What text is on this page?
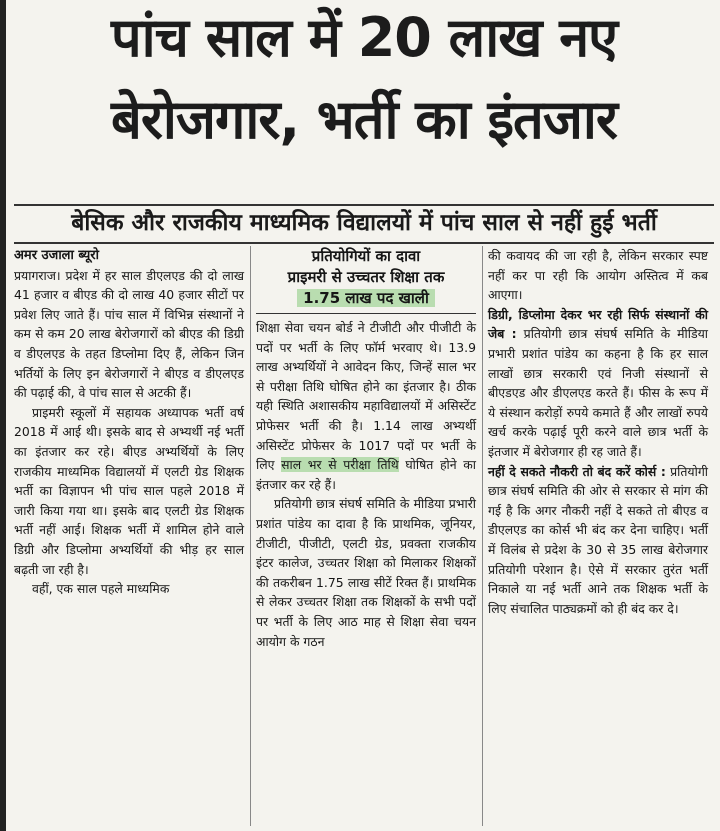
पांच साल में 20 लाख नए
बेरोजगार, भर्ती का इंतजार
बेसिक और राजकीय माध्यमिक विद्यालयों में पांच साल से नहीं हुई भर्ती

अमर उजाला ब्यूरो

प्रयागराज। प्रदेश में हर साल डीएलएड की दो लाख 41 हजार व बीएड की दो लाख 40 हजार सीटों पर प्रवेश लिए जाते हैं। पांच साल में विभिन्न संस्थानों ने कम से कम 20 लाख बेरोजगारों को बीएड की डिग्री व डीएलएड के तहत डिप्लोमा दिए हैं, लेकिन जिन भर्तियों के लिए इन बेरोजगारों ने बीएड व डीएलएड की पढ़ाई की, वे पांच साल से अटकी हैं।

प्राइमरी स्कूलों में सहायक अध्यापक भर्ती वर्ष 2018 में आई थी। इसके बाद से अभ्यर्थी नई भर्ती का इंतजार कर रहे। बीएड अभ्यर्थियों के लिए राजकीय माध्यमिक विद्यालयों में एलटी ग्रेड शिक्षक भर्ती का विज्ञापन भी पांच साल पहले 2018 में जारी किया गया था। इसके बाद एलटी ग्रेड शिक्षक भर्ती नहीं आई। शिक्षक भर्ती में शामिल होने वाले डिग्री और डिप्लोमा अभ्यर्थियों की भीड़ हर साल बढ़ती जा रही है।

वहीं, एक साल पहले माध्यमिक

प्रतियोगियों का दावा
प्राइमरी से उच्चतर शिक्षा तक
1.75 लाख पद खाली

शिक्षा सेवा चयन बोर्ड ने टीजीटी और पीजीटी के पदों पर भर्ती के लिए फॉर्म भरवाए थे। 13.9 लाख अभ्यर्थियों ने आवेदन किए, जिन्हें साल भर से परीक्षा तिथि घोषित होने का इंतजार है। ठीक यही स्थिति अशासकीय महाविद्यालयों में असिस्टेंट प्रोफेसर भर्ती की है। 1.14 लाख अभ्यर्थी असिस्टेंट प्रोफेसर के 1017 पदों पर भर्ती के लिए साल भर से परीक्षा तिथि घोषित होने का इंतजार कर रहे हैं।

प्रतियोगी छात्र संघर्ष समिति के मीडिया प्रभारी प्रशांत पांडेय का दावा है कि प्राथमिक, जूनियर, टीजीटी, पीजीटी, एलटी ग्रेड, प्रवक्ता राजकीय इंटर कालेज, उच्चतर शिक्षा को मिलाकर शिक्षकों की तकरीबन 1.75 लाख सीटें रिक्त हैं। प्राथमिक से लेकर उच्चतर शिक्षा तक शिक्षकों के सभी पदों पर भर्ती के लिए आठ माह से शिक्षा सेवा चयन आयोग के गठन

की कवायद की जा रही है, लेकिन सरकार स्पष्ट नहीं कर पा रही कि आयोग अस्तित्व में कब आएगा।

डिग्री, डिप्लोमा देकर भर रही सिर्फ संस्थानों की जेब : प्रतियोगी छात्र संघर्ष समिति के मीडिया प्रभारी प्रशांत पांडेय का कहना है कि हर साल लाखों छात्र सरकारी एवं निजी संस्थानों से बीएडएड और डीएलएड करते हैं। फीस के रूप में ये संस्थान करोड़ों रुपये कमाते हैं और लाखों रुपये खर्च करके पढ़ाई पूरी करने वाले छात्र भर्ती के इंतजार में बेरोजगार ही रह जाते हैं।

नहीं दे सकते नौकरी तो बंद करें कोर्स : प्रतियोगी छात्र संघर्ष समिति की ओर से सरकार से मांग की गई है कि अगर नौकरी नहीं दे सकते तो बीएड व डीएलएड का कोर्स भी बंद कर देना चाहिए। भर्ती में विलंब से प्रदेश के 30 से 35 लाख बेरोजगार प्रतियोगी परेशान है। ऐसे में सरकार तुरंत भर्ती निकाले या नई भर्ती आने तक शिक्षक भर्ती के लिए संचालित पाठ्यक्रमों को ही बंद कर दे।
